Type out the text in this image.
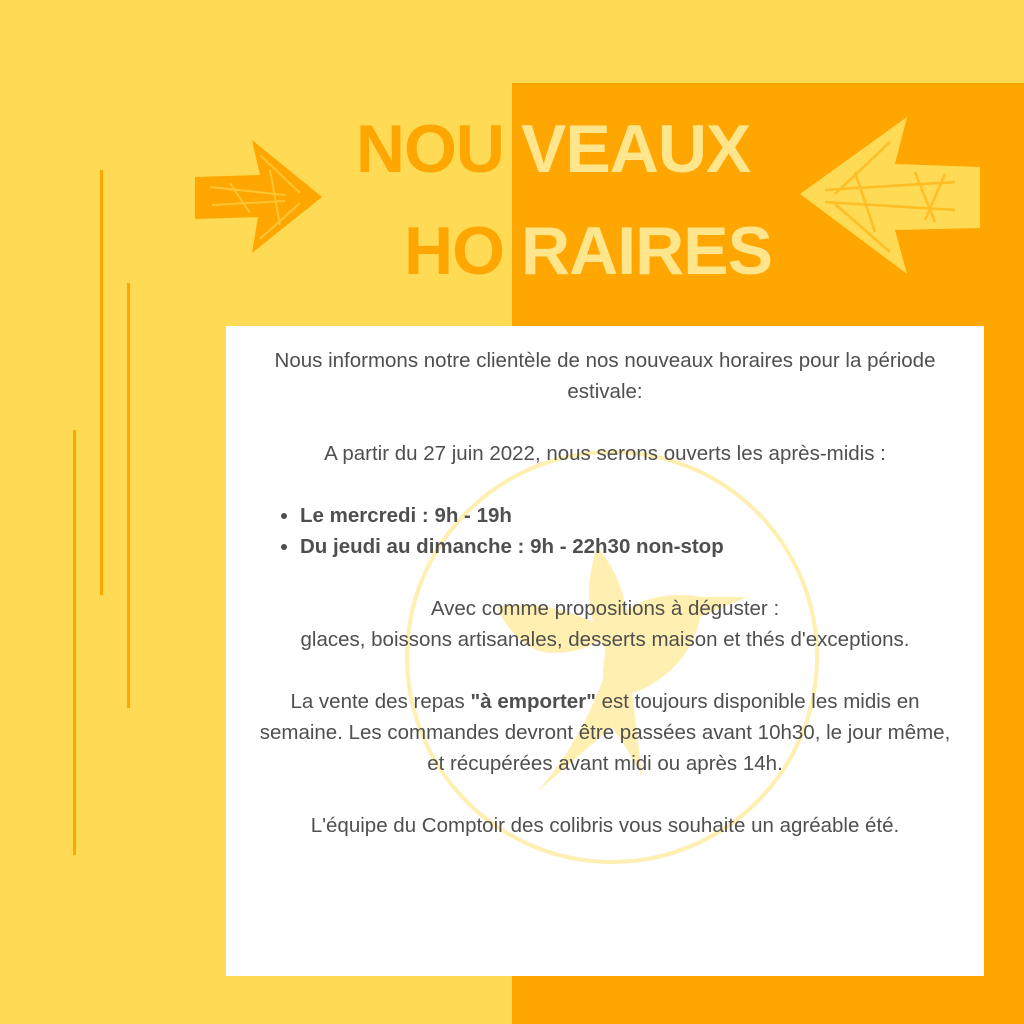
NOU VEAUX
HO RAIRES

Nous informons notre clientèle de nos nouveaux horaires pour la période estivale:

A partir du 27 juin 2022, nous serons ouverts les après-midis :

• Le mercredi : 9h - 19h
• Du jeudi au dimanche : 9h - 22h30 non-stop

Avec comme propositions à déguster :

glaces, boissons artisanales, desserts maison et thés d'exceptions.

La vente des repas "à emporter" est toujours disponible les midis en semaine. Les commandes devront être passées avant 10h30, le jour même, et récupérées avant midi ou après 14h.

L'équipe du Comptoir des colibris vous souhaite un agréable été.
